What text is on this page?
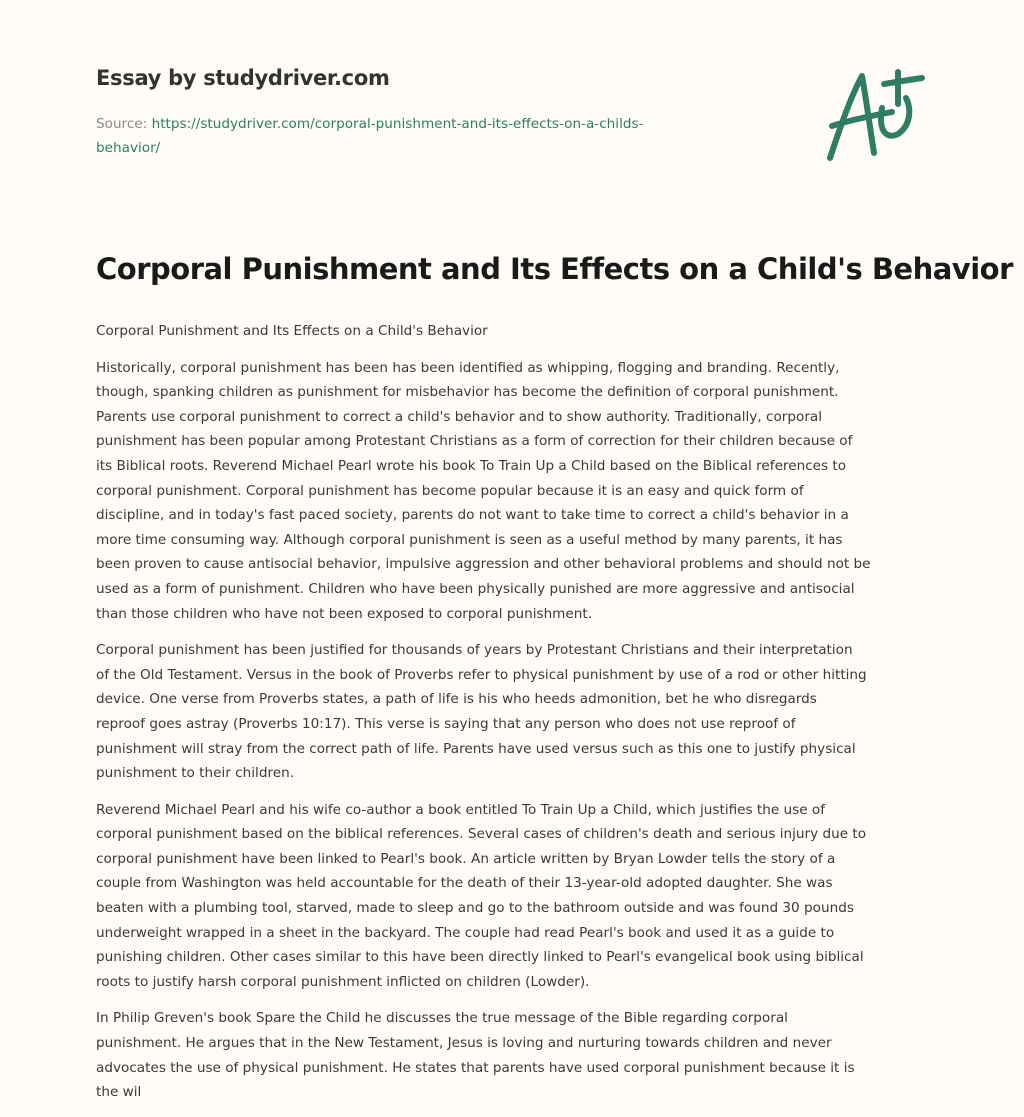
Essay by studydriver.com
Source: https://studydriver.com/corporal-punishment-and-its-effects-on-a-childs-
behavior/
Corporal Punishment and Its Effects on a Child's Behavior

Corporal Punishment and Its Effects on a Child's Behavior

Historically, corporal punishment has been has been identified as whipping, flogging and branding. Recently,
though, spanking children as punishment for misbehavior has become the definition of corporal punishment.
Parents use corporal punishment to correct a child's behavior and to show authority. Traditionally, corporal
punishment has been popular among Protestant Christians as a form of correction for their children because of
its Biblical roots. Reverend Michael Pearl wrote his book To Train Up a Child based on the Biblical references to
corporal punishment. Corporal punishment has become popular because it is an easy and quick form of
discipline, and in today's fast paced society, parents do not want to take time to correct a child's behavior in a
more time consuming way. Although corporal punishment is seen as a useful method by many parents, it has
been proven to cause antisocial behavior, impulsive aggression and other behavioral problems and should not be
used as a form of punishment. Children who have been physically punished are more aggressive and antisocial
than those children who have not been exposed to corporal punishment.

Corporal punishment has been justified for thousands of years by Protestant Christians and their interpretation
of the Old Testament. Versus in the book of Proverbs refer to physical punishment by use of a rod or other hitting
device. One verse from Proverbs states, a path of life is his who heeds admonition, bet he who disregards
reproof goes astray (Proverbs 10:17). This verse is saying that any person who does not use reproof of
punishment will stray from the correct path of life. Parents have used versus such as this one to justify physical
punishment to their children.

Reverend Michael Pearl and his wife co-author a book entitled To Train Up a Child, which justifies the use of
corporal punishment based on the biblical references. Several cases of children's death and serious injury due to
corporal punishment have been linked to Pearl's book. An article written by Bryan Lowder tells the story of a
couple from Washington was held accountable for the death of their 13-year-old adopted daughter. She was
beaten with a plumbing tool, starved, made to sleep and go to the bathroom outside and was found 30 pounds
underweight wrapped in a sheet in the backyard. The couple had read Pearl's book and used it as a guide to
punishing children. Other cases similar to this have been directly linked to Pearl's evangelical book using biblical
roots to justify harsh corporal punishment inflicted on children (Lowder).

In Philip Greven's book Spare the Child he discusses the true message of the Bible regarding corporal
punishment. He argues that in the New Testament, Jesus is loving and nurturing towards children and never
advocates the use of physical punishment. He states that parents have used corporal punishment because it is
the wil
